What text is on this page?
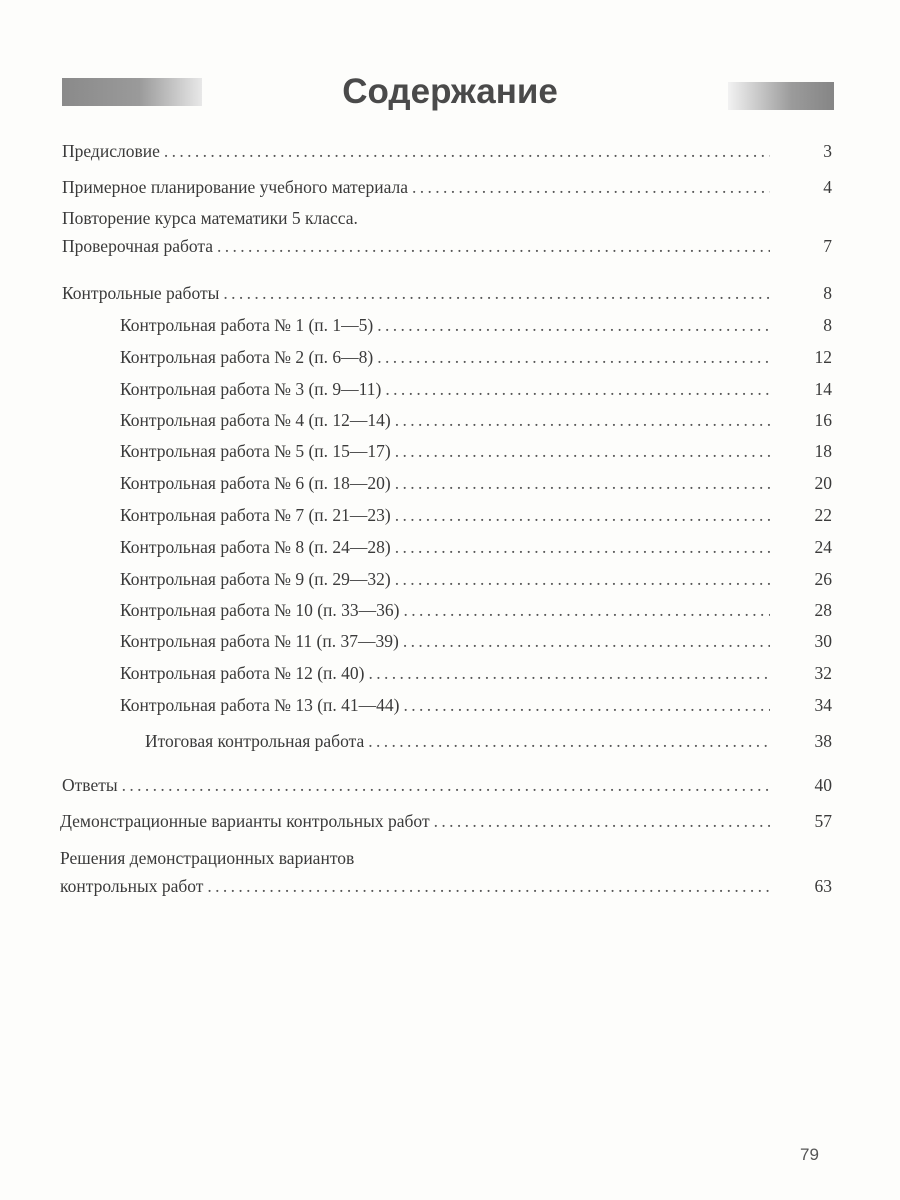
Содержание
Предисловие . . .	3
Примерное планирование учебного материала . . .	4
Повторение курса математики 5 класса.
Проверочная работа . . .	7
Контрольные работы . . .	8
Контрольная работа № 1 (п. 1—5) . . .	8
Контрольная работа № 2 (п. 6—8) . . .	12
Контрольная работа № 3 (п. 9—11) . . .	14
Контрольная работа № 4 (п. 12—14) . . .	16
Контрольная работа № 5 (п. 15—17) . . .	18
Контрольная работа № 6 (п. 18—20) . . .	20
Контрольная работа № 7 (п. 21—23) . . .	22
Контрольная работа № 8 (п. 24—28) . . .	24
Контрольная работа № 9 (п. 29—32) . . .	26
Контрольная работа № 10 (п. 33—36) . . .	28
Контрольная работа № 11 (п. 37—39) . . .	30
Контрольная работа № 12 (п. 40) . . .	32
Контрольная работа № 13 (п. 41—44) . . .	34
Итоговая контрольная работа . . .	38
Ответы . . .	40
Демонстрационные варианты контрольных работ . . .	57
Решения демонстрационных вариантов
контрольных работ . . .	63
79
